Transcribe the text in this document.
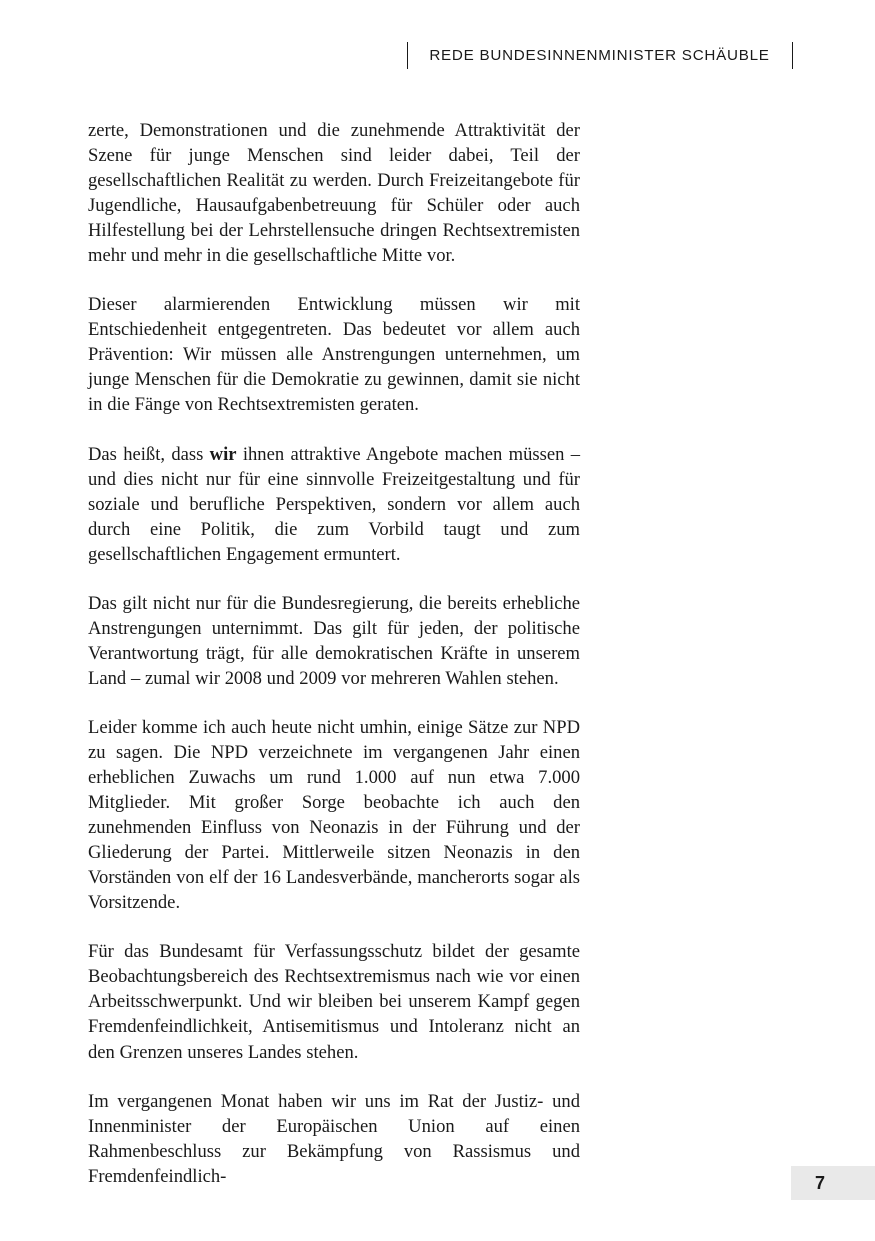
REDE BUNDESINNENMINISTER SCHÄUBLE

zerte, Demonstrationen und die zunehmende Attraktivität der Szene für junge Menschen sind leider dabei, Teil der gesellschaftlichen Realität zu werden. Durch Freizeitangebote für Jugendliche, Hausaufgabenbetreuung für Schüler oder auch Hilfestellung bei der Lehrstellensuche dringen Rechtsextremisten mehr und mehr in die gesellschaftliche Mitte vor.

Dieser alarmierenden Entwicklung müssen wir mit Entschiedenheit entgegentreten. Das bedeutet vor allem auch Prävention: Wir müssen alle Anstrengungen unternehmen, um junge Menschen für die Demokratie zu gewinnen, damit sie nicht in die Fänge von Rechtsextremisten geraten.

Das heißt, dass wir ihnen attraktive Angebote machen müssen – und dies nicht nur für eine sinnvolle Freizeitgestaltung und für soziale und berufliche Perspektiven, sondern vor allem auch durch eine Politik, die zum Vorbild taugt und zum gesellschaftlichen Engagement ermuntert.

Das gilt nicht nur für die Bundesregierung, die bereits erhebliche Anstrengungen unternimmt. Das gilt für jeden, der politische Verantwortung trägt, für alle demokratischen Kräfte in unserem Land – zumal wir 2008 und 2009 vor mehreren Wahlen stehen.

Leider komme ich auch heute nicht umhin, einige Sätze zur NPD zu sagen. Die NPD verzeichnete im vergangenen Jahr einen erheblichen Zuwachs um rund 1.000 auf nun etwa 7.000 Mitglieder. Mit großer Sorge beobachte ich auch den zunehmenden Einfluss von Neonazis in der Führung und der Gliederung der Partei. Mittlerweile sitzen Neonazis in den Vorständen von elf der 16 Landesverbände, mancherorts sogar als Vorsitzende.

Für das Bundesamt für Verfassungsschutz bildet der gesamte Beobachtungsbereich des Rechtsextremismus nach wie vor einen Arbeitsschwerpunkt. Und wir bleiben bei unserem Kampf gegen Fremdenfeindlichkeit, Antisemitismus und Intoleranz nicht an den Grenzen unseres Landes stehen.

Im vergangenen Monat haben wir uns im Rat der Justiz- und Innenminister der Europäischen Union auf einen Rahmenbeschluss zur Bekämpfung von Rassismus und Fremdenfeindlich-	7
